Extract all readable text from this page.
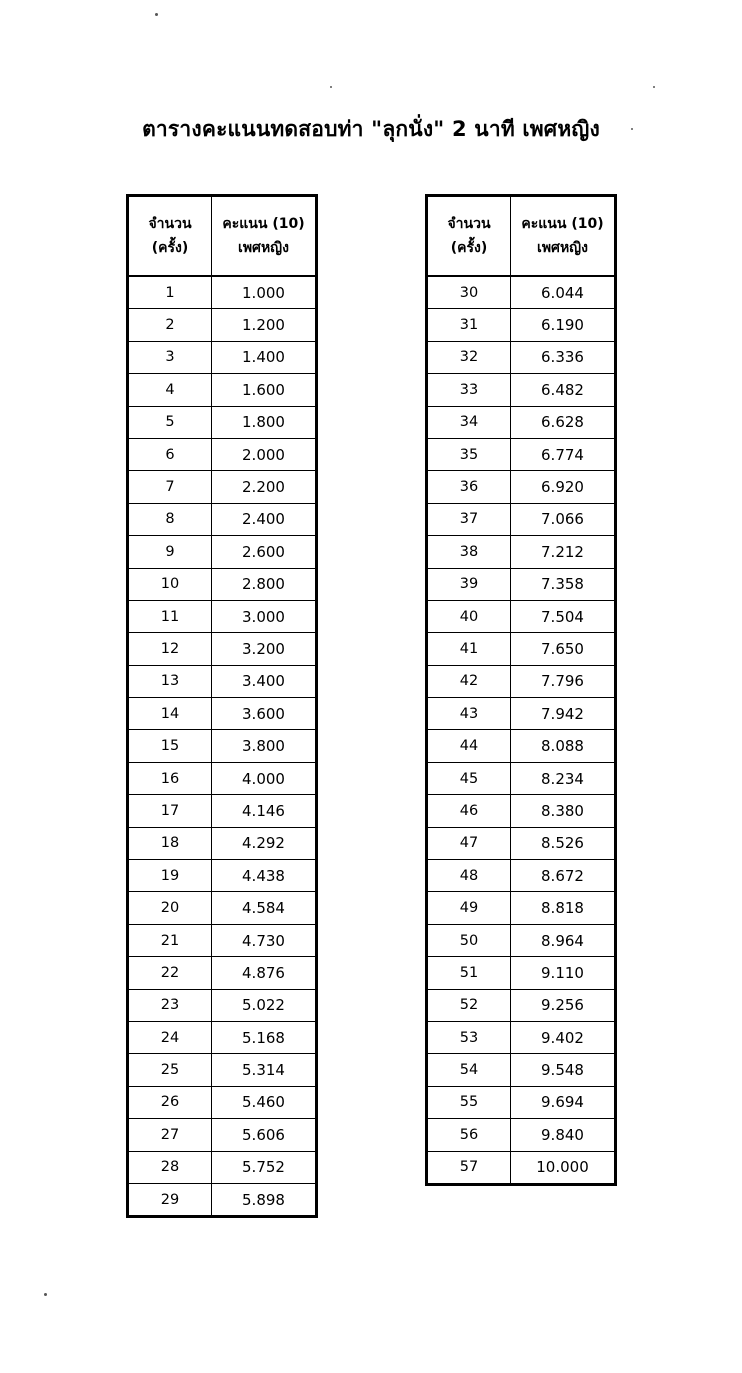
ตารางคะแนนทดสอบท่า "ลุกนั่ง" 2 นาที เพศหญิง
จำนวน
(ครั้ง)	คะแนน (10)
เพศหญิง

1	1.000
2	1.200
3	1.400
4	1.600
5	1.800
6	2.000
7	2.200
8	2.400
9	2.600
10	2.800
11	3.000
12	3.200
13	3.400
14	3.600
15	3.800
16	4.000
17	4.146
18	4.292
19	4.438
20	4.584
21	4.730
22	4.876
23	5.022
24	5.168
25	5.314
26	5.460
27	5.606
28	5.752
29	5.898
จำนวน
(ครั้ง)	คะแนน (10)
เพศหญิง

30	6.044
31	6.190
32	6.336
33	6.482
34	6.628
35	6.774
36	6.920
37	7.066
38	7.212
39	7.358
40	7.504
41	7.650
42	7.796
43	7.942
44	8.088
45	8.234
46	8.380
47	8.526
48	8.672
49	8.818
50	8.964
51	9.110
52	9.256
53	9.402
54	9.548
55	9.694
56	9.840
57	10.000
